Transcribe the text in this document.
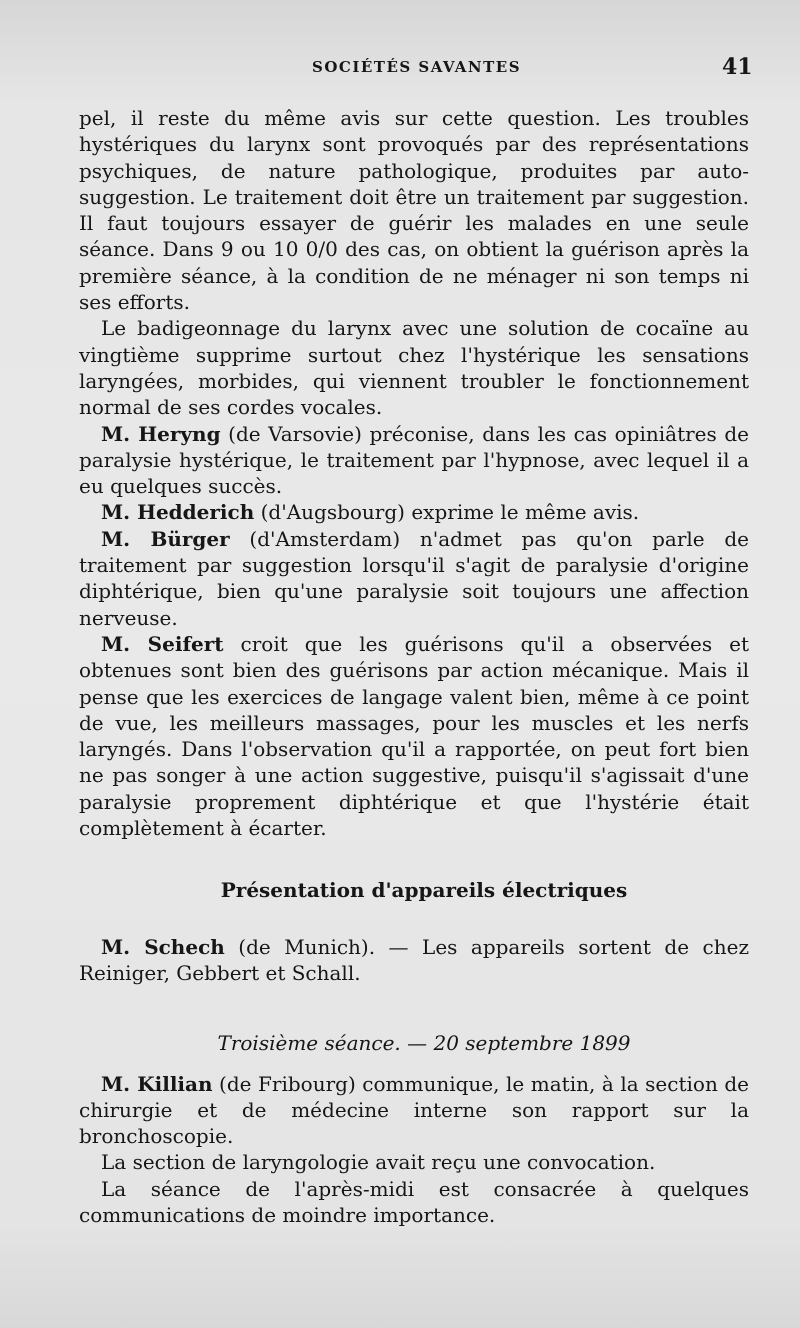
SOCIÉTÉS SAVANTES	41

pel, il reste du même avis sur cette question. Les troubles hystériques du larynx sont provoqués par des représentations psychiques, de nature pathologique, produites par auto-suggestion. Le traitement doit être un traitement par suggestion. Il faut toujours essayer de guérir les malades en une seule séance. Dans 9 ou 10 0/0 des cas, on obtient la guérison après la première séance, à la condition de ne ménager ni son temps ni ses efforts.

Le badigeonnage du larynx avec une solution de cocaïne au vingtième supprime surtout chez l'hystérique les sensations laryngées, morbides, qui viennent troubler le fonctionnement normal de ses cordes vocales.

M. Heryng (de Varsovie) préconise, dans les cas opiniâtres de paralysie hystérique, le traitement par l'hypnose, avec lequel il a eu quelques succès.

M. Hedderich (d'Augsbourg) exprime le même avis.

M. Bürger (d'Amsterdam) n'admet pas qu'on parle de traitement par suggestion lorsqu'il s'agit de paralysie d'origine diphtérique, bien qu'une paralysie soit toujours une affection nerveuse.

M. Seifert croit que les guérisons qu'il a observées et obtenues sont bien des guérisons par action mécanique. Mais il pense que les exercices de langage valent bien, même à ce point de vue, les meilleurs massages, pour les muscles et les nerfs laryngés. Dans l'observation qu'il a rapportée, on peut fort bien ne pas songer à une action suggestive, puisqu'il s'agissait d'une paralysie proprement diphtérique et que l'hystérie était complètement à écarter.

Présentation d'appareils électriques

M. Schech (de Munich). — Les appareils sortent de chez Reiniger, Gebbert et Schall.

Troisième séance. — 20 septembre 1899

M. Killian (de Fribourg) communique, le matin, à la section de chirurgie et de médecine interne son rapport sur la bronchoscopie.

La section de laryngologie avait reçu une convocation.

La séance de l'après-midi est consacrée à quelques communications de moindre importance.
